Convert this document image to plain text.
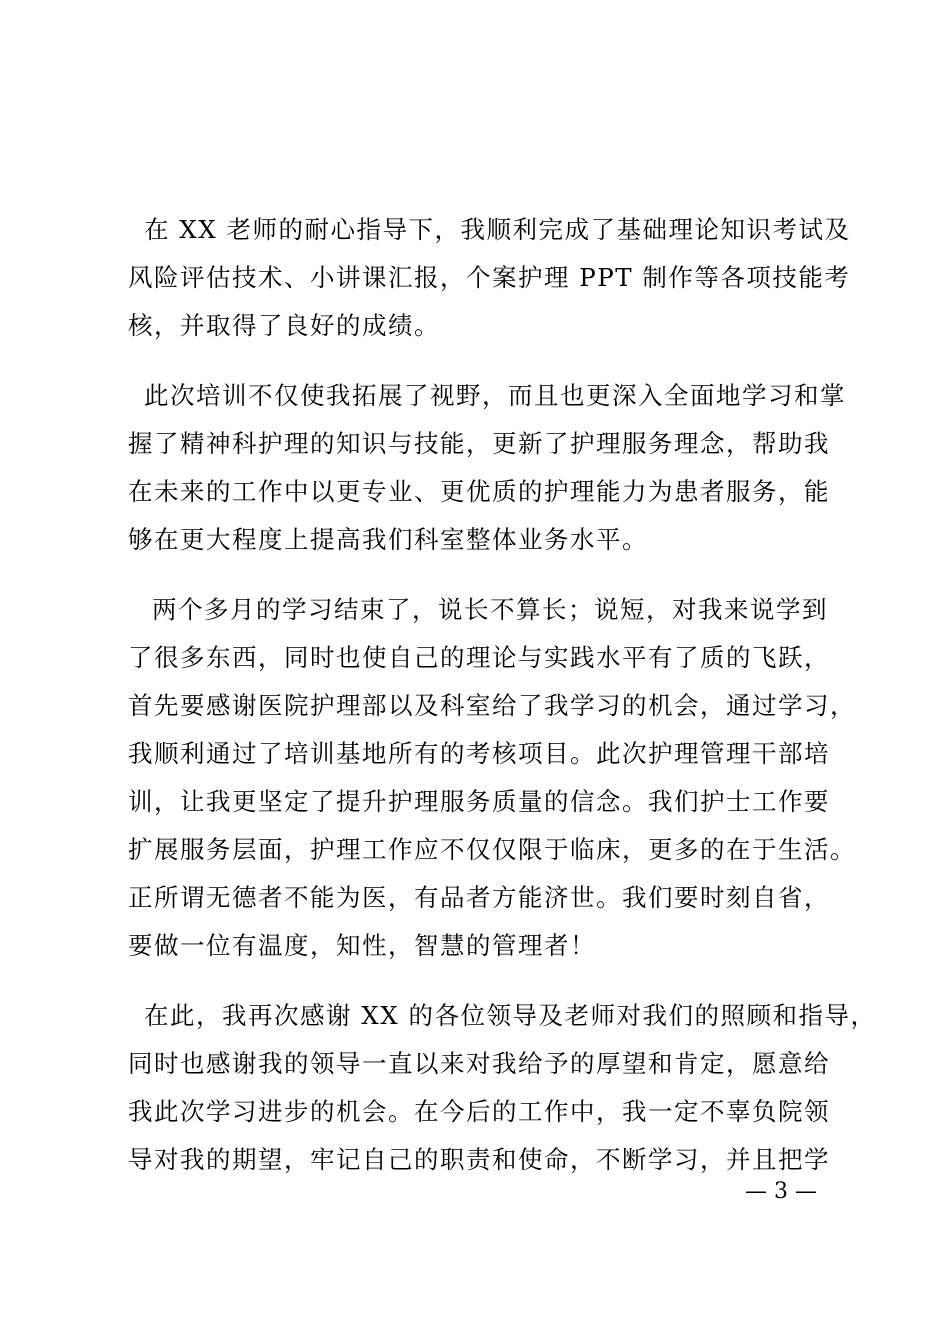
在 XX 老师的耐心指导下，我顺利完成了基础理论知识考试及
风险评估技术、小讲课汇报，个案护理 PPT 制作等各项技能考
核，并取得了良好的成绩。
此次培训不仅使我拓展了视野，而且也更深入全面地学习和掌
握了精神科护理的知识与技能，更新了护理服务理念，帮助我
在未来的工作中以更专业、更优质的护理能力为患者服务，能
够在更大程度上提高我们科室整体业务水平。
两个多月的学习结束了，说长不算长；说短，对我来说学到
了很多东西，同时也使自己的理论与实践水平有了质的飞跃，
首先要感谢医院护理部以及科室给了我学习的机会，通过学习，
我顺利通过了培训基地所有的考核项目。此次护理管理干部培
训，让我更坚定了提升护理服务质量的信念。我们护士工作要
扩展服务层面，护理工作应不仅仅限于临床，更多的在于生活。
正所谓无德者不能为医，有品者方能济世。我们要时刻自省，
要做一位有温度，知性，智慧的管理者！
在此，我再次感谢 XX 的各位领导及老师对我们的照顾和指导，
同时也感谢我的领导一直以来对我给予的厚望和肯定，愿意给
我此次学习进步的机会。在今后的工作中，我一定不辜负院领
导对我的期望，牢记自己的职责和使命，不断学习，并且把学
— 3 —
